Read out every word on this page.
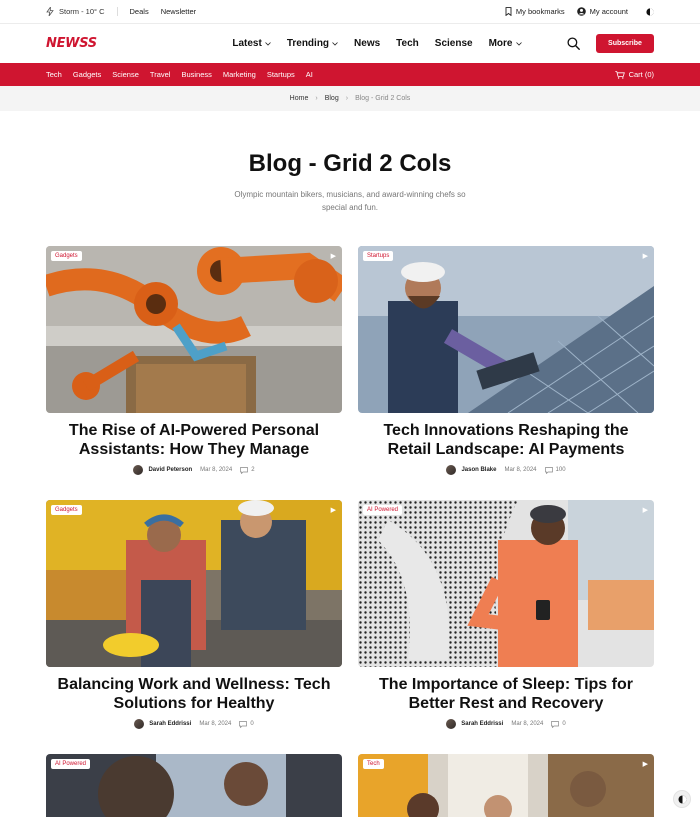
Storm - 10° C	Deals Newsletter	My bookmarks	My account
NEWSS	Latest	Trending	News Tech Sciense More	Subscribe
Tech Gadgets Sciense Travel Business Marketing Startups AI	Cart (0)
Home › Blog › Blog - Grid 2 Cols
Blog - Grid 2 Cols

Olympic mountain bikers, musicians, and award-winning chefs so special and fun.

Gadgets	▶
The Rise of AI-Powered Personal Assistants: How They Manage
David Peterson Mar 8, 2024	2
Startups	▶
Tech Innovations Reshaping the Retail Landscape: AI Payments
Jason Blake Mar 8, 2024	100
Gadgets	▶
Balancing Work and Wellness: Tech Solutions for Healthy
Sarah Eddrissi Mar 8, 2024	0
AI Powered	▶
The Importance of Sleep: Tips for Better Rest and Recovery
Sarah Eddrissi Mar 8, 2024	0
AI Powered	Tech	▶
